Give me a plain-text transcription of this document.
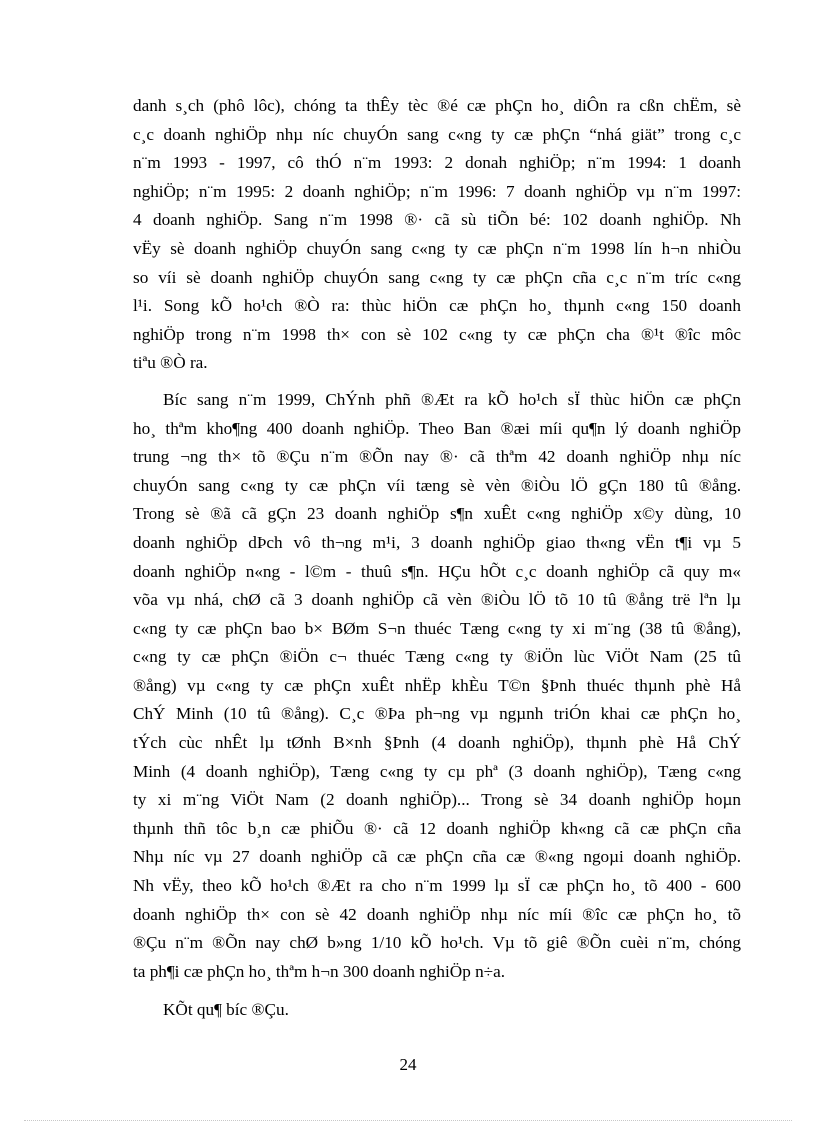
danh s¸ch (phô lôc), chóng ta thÊy tèc ®é cæ phÇn ho¸ diÔn ra cßn chËm, sè
c¸c doanh nghiÖp nhµ níc chuyÓn sang c«ng ty cæ phÇn “nhá giät” trong c¸c
n¨m 1993 - 1997, cô thÓ n¨m 1993: 2 donah nghiÖp; n¨m 1994: 1 doanh
nghiÖp; n¨m 1995: 2 doanh nghiÖp; n¨m 1996: 7 doanh nghiÖp vµ n¨m 1997:
4 doanh nghiÖp. Sang n¨m 1998 ®· cã sù tiÕn bé: 102 doanh nghiÖp. Nh
vËy sè doanh nghiÖp chuyÓn sang c«ng ty cæ phÇn n¨m 1998 lín h¬n nhiÒu
so víi sè doanh nghiÖp chuyÓn sang c«ng ty cæ phÇn cña c¸c n¨m tríc c«ng
l¹i. Song kÕ ho¹ch ®Ò ra: thùc hiÖn cæ phÇn ho¸ thµnh c«ng 150 doanh
nghiÖp trong n¨m 1998 th× con sè 102 c«ng ty cæ phÇn cha ®¹t ®îc môc
tiªu ®Ò ra.
Bíc sang n¨m 1999, ChÝnh phñ ®Æt ra kÕ ho¹ch sÏ thùc hiÖn cæ phÇn
ho¸ thªm kho¶ng 400 doanh nghiÖp. Theo Ban ®æi míi qu¶n lý doanh nghiÖp
trung ¬ng th× tõ ®Çu n¨m ®Õn nay ®· cã thªm 42 doanh nghiÖp nhµ níc
chuyÓn sang c«ng ty cæ phÇn víi tæng sè vèn ®iÒu lÖ gÇn 180 tû ®ång.
Trong sè ®ã cã gÇn 23 doanh nghiÖp s¶n xuÊt c«ng nghiÖp x©y dùng, 10
doanh nghiÖp dÞch vô th¬ng m¹i, 3 doanh nghiÖp giao th«ng vËn t¶i vµ 5
doanh nghiÖp n«ng - l©m - thuû s¶n. HÇu hÕt c¸c doanh nghiÖp cã quy m«
võa vµ nhá, chØ cã 3 doanh nghiÖp cã vèn ®iÒu lÖ tõ 10 tû ®ång trë lªn lµ
c«ng ty cæ phÇn bao b× BØm S¬n thuéc Tæng c«ng ty xi m¨ng (38 tû ®ång),
c«ng ty cæ phÇn ®iÖn c¬ thuéc Tæng c«ng ty ®iÖn lùc ViÖt Nam (25 tû
®ång) vµ c«ng ty cæ phÇn xuÊt nhËp khÈu T©n §Þnh thuéc thµnh phè Hå
ChÝ Minh (10 tû ®ång). C¸c ®Þa ph¬ng vµ ngµnh triÓn khai cæ phÇn ho¸
tÝch cùc nhÊt lµ tØnh B×nh §Þnh (4 doanh nghiÖp), thµnh phè Hå ChÝ
Minh (4 doanh nghiÖp), Tæng c«ng ty cµ phª (3 doanh nghiÖp), Tæng c«ng
ty xi m¨ng ViÖt Nam (2 doanh nghiÖp)... Trong sè 34 doanh nghiÖp hoµn
thµnh thñ tôc b¸n cæ phiÕu ®· cã 12 doanh nghiÖp kh«ng cã cæ phÇn cña
Nhµ níc vµ 27 doanh nghiÖp cã cæ phÇn cña cæ ®«ng ngoµi doanh nghiÖp.
Nh vËy, theo kÕ ho¹ch ®Æt ra cho n¨m 1999 lµ sÏ cæ phÇn ho¸ tõ 400 - 600
doanh nghiÖp th× con sè 42 doanh nghiÖp nhµ níc míi ®îc cæ phÇn ho¸ tõ
®Çu n¨m ®Õn nay chØ b»ng 1/10 kÕ ho¹ch. Vµ tõ giê ®Õn cuèi n¨m, chóng
ta ph¶i cæ phÇn ho¸ thªm h¬n 300 doanh nghiÖp n÷a.
KÕt qu¶ bíc ®Çu.
24
